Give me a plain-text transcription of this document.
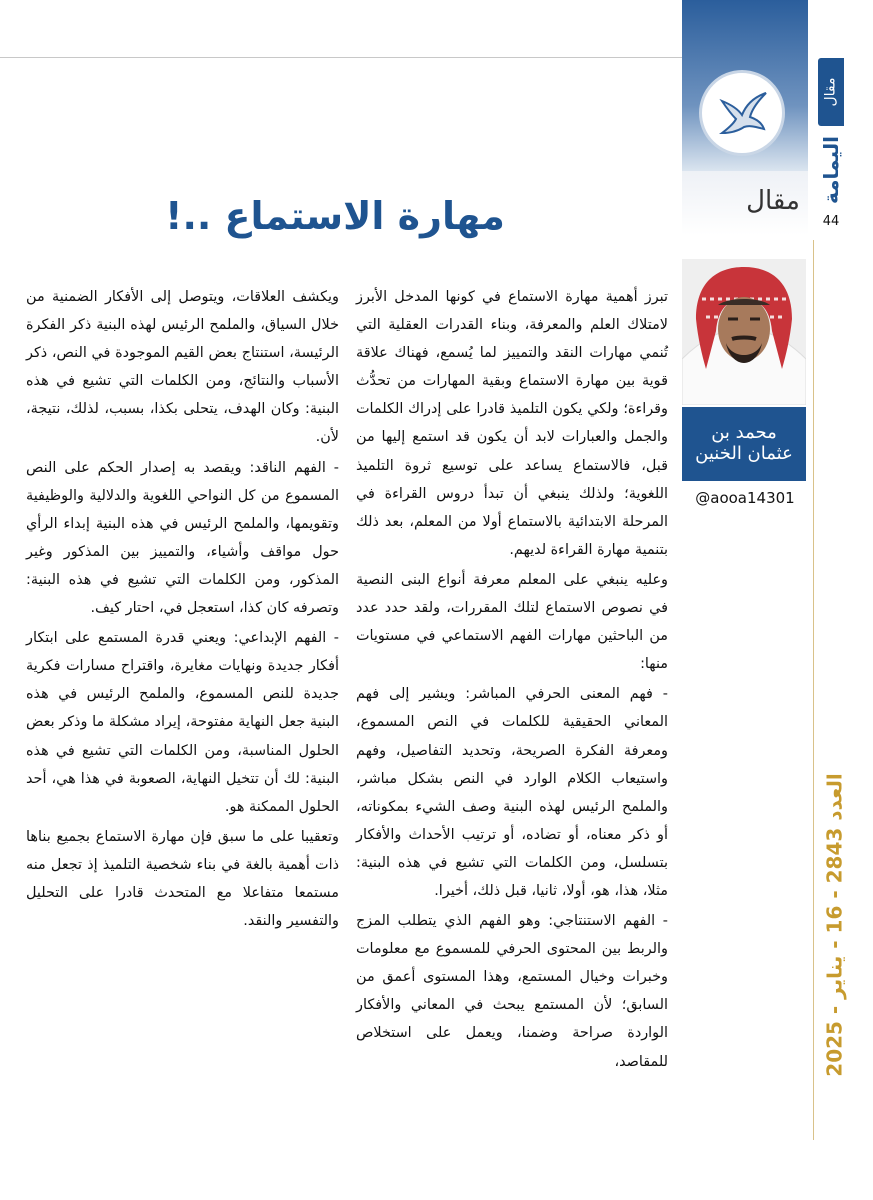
مقال
اليمامة
44
العدد 2843 - 16 - يناير - 2025
مقال
محمد بن
عثمان الخنين
@aooa14301
مهارة الاستماع ..!

تبرز أهمية مهارة الاستماع في كونها المدخل الأبرز لامتلاك العلم والمعرفة، وبناء القدرات العقلية التي تُنمي مهارات النقد والتمييز لما يُسمع، فهناك علاقة قوية بين مهارة الاستماع وبقية المهارات من تحدُّث وقراءة؛ ولكي يكون التلميذ قادرا على إدراك الكلمات والجمل والعبارات لابد أن يكون قد استمع إليها من قبل، فالاستماع يساعد على توسيع ثروة التلميذ اللغوية؛ ولذلك ينبغي أن تبدأ دروس القراءة في المرحلة الابتدائية بالاستماع أولا من المعلم، بعد ذلك بتنمية مهارة القراءة لديهم.

وعليه ينبغي على المعلم معرفة أنواع البنى النصية في نصوص الاستماع لتلك المقررات، ولقد حدد عدد من الباحثين مهارات الفهم الاستماعي في مستويات منها:

- فهم المعنى الحرفي المباشر: ويشير إلى فهم المعاني الحقيقية للكلمات في النص المسموع، ومعرفة الفكرة الصريحة، وتحديد التفاصيل، وفهم واستيعاب الكلام الوارد في النص بشكل مباشر، والملمح الرئيس لهذه البنية وصف الشيء بمكوناته، أو ذكر معناه، أو تضاده، أو ترتيب الأحداث والأفكار بتسلسل، ومن الكلمات التي تشيع في هذه البنية: مثلا، هذا، هو، أولا، ثانيا، قبل ذلك، أخيرا.

- الفهم الاستنتاجي: وهو الفهم الذي يتطلب المزج والربط بين المحتوى الحرفي للمسموع مع معلومات وخبرات وخيال المستمع، وهذا المستوى أعمق من السابق؛ لأن المستمع يبحث في المعاني والأفكار الواردة صراحة وضمنا، ويعمل على استخلاص للمقاصد،

ويكشف العلاقات، ويتوصل إلى الأفكار الضمنية من خلال السياق، والملمح الرئيس لهذه البنية ذكر الفكرة الرئيسة، استنتاج بعض القيم الموجودة في النص، ذكر الأسباب والنتائج، ومن الكلمات التي تشيع في هذه البنية: وكان الهدف، يتحلى بكذا، بسبب، لذلك، نتيجة، لأن.

- الفهم الناقد: ويقصد به إصدار الحكم على النص المسموع من كل النواحي اللغوية والدلالية والوظيفية وتقويمها، والملمح الرئيس في هذه البنية إبداء الرأي حول مواقف وأشياء، والتمييز بين المذكور وغير المذكور، ومن الكلمات التي تشيع في هذه البنية: وتصرفه كان كذا، استعجل في، احتار كيف.

- الفهم الإبداعي: ويعني قدرة المستمع على ابتكار أفكار جديدة ونهايات مغايرة، واقتراح مسارات فكرية جديدة للنص المسموع، والملمح الرئيس في هذه البنية جعل النهاية مفتوحة، إيراد مشكلة ما وذكر بعض الحلول المناسبة، ومن الكلمات التي تشيع في هذه البنية: لك أن تتخيل النهاية، الصعوبة في هذا هي، أحد الحلول الممكنة هو.

وتعقيبا على ما سبق فإن مهارة الاستماع بجميع بناها ذات أهمية بالغة في بناء شخصية التلميذ إذ تجعل منه مستمعا متفاعلا مع المتحدث قادرا على التحليل والتفسير والنقد.
